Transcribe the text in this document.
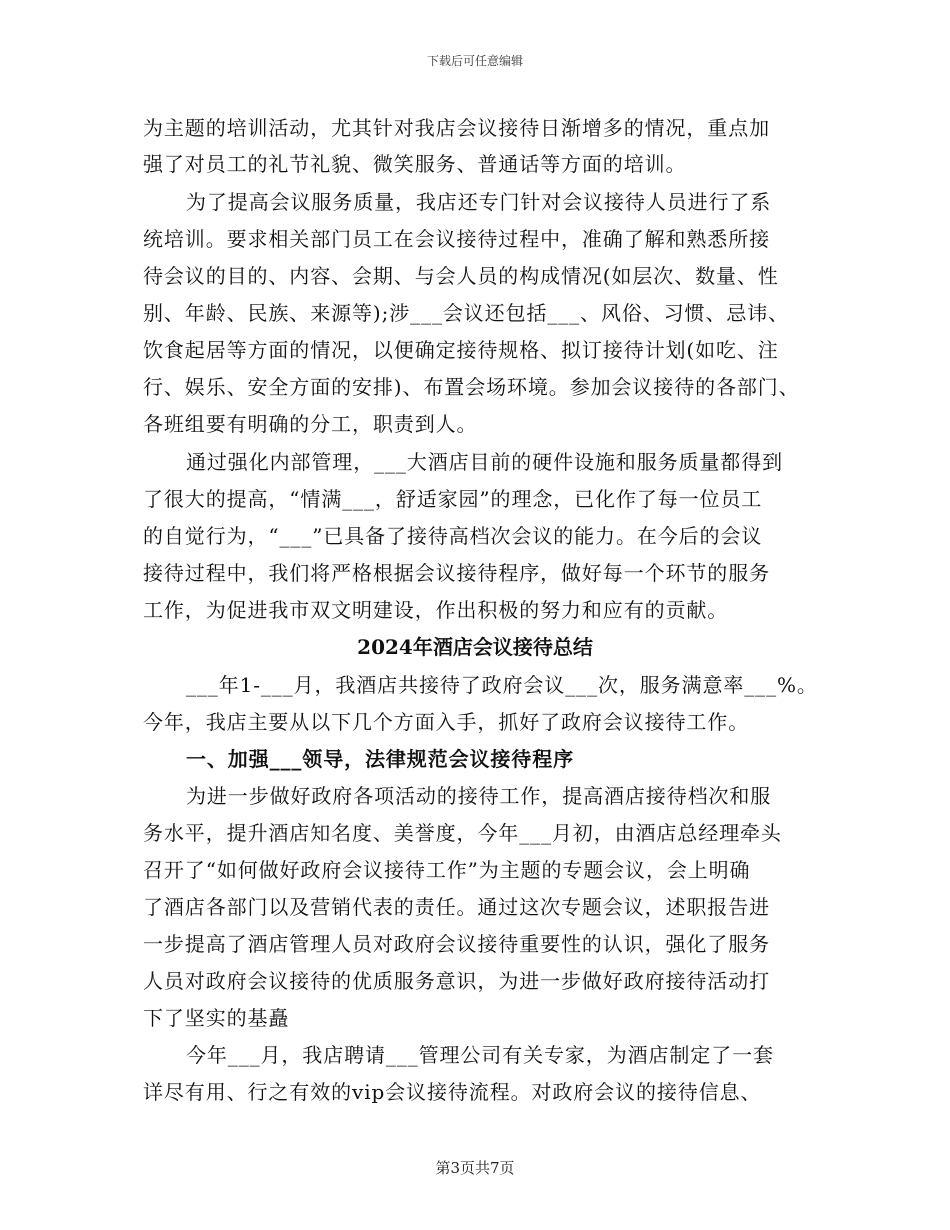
下载后可任意编辑
为主题的培训活动，尤其针对我店会议接待日渐增多的情况，重点加
强了对员工的礼节礼貌、微笑服务、普通话等方面的培训。
为了提高会议服务质量，我店还专门针对会议接待人员进行了系
统培训。要求相关部门员工在会议接待过程中，准确了解和熟悉所接
待会议的目的、内容、会期、与会人员的构成情况(如层次、数量、性
别、年龄、民族、来源等);涉___会议还包括___、风俗、习惯、忌讳、
饮食起居等方面的情况，以便确定接待规格、拟订接待计划(如吃、注
行、娱乐、安全方面的安排)、布置会场环境。参加会议接待的各部门、
各班组要有明确的分工，职责到人。
通过强化内部管理，___大酒店目前的硬件设施和服务质量都得到
了很大的提高，“情满___，舒适家园”的理念，已化作了每一位员工
的自觉行为，“___”已具备了接待高档次会议的能力。在今后的会议
接待过程中，我们将严格根据会议接待程序，做好每一个环节的服务
工作，为促进我市双文明建设，作出积极的努力和应有的贡献。
2024年酒店会议接待总结
___年1-___月，我酒店共接待了政府会议___次，服务满意率___%。
今年，我店主要从以下几个方面入手，抓好了政府会议接待工作。
一、加强___领导，法律规范会议接待程序
为进一步做好政府各项活动的接待工作，提高酒店接待档次和服
务水平，提升酒店知名度、美誉度，今年___月初，由酒店总经理牵头
召开了“如何做好政府会议接待工作”为主题的专题会议，会上明确
了酒店各部门以及营销代表的责任。通过这次专题会议，述职报告进
一步提高了酒店管理人员对政府会议接待重要性的认识，强化了服务
人员对政府会议接待的优质服务意识，为进一步做好政府接待活动打
下了坚实的基矗
今年___月，我店聘请___管理公司有关专家，为酒店制定了一套
详尽有用、行之有效的vip会议接待流程。对政府会议的接待信息、
第3页共7页
